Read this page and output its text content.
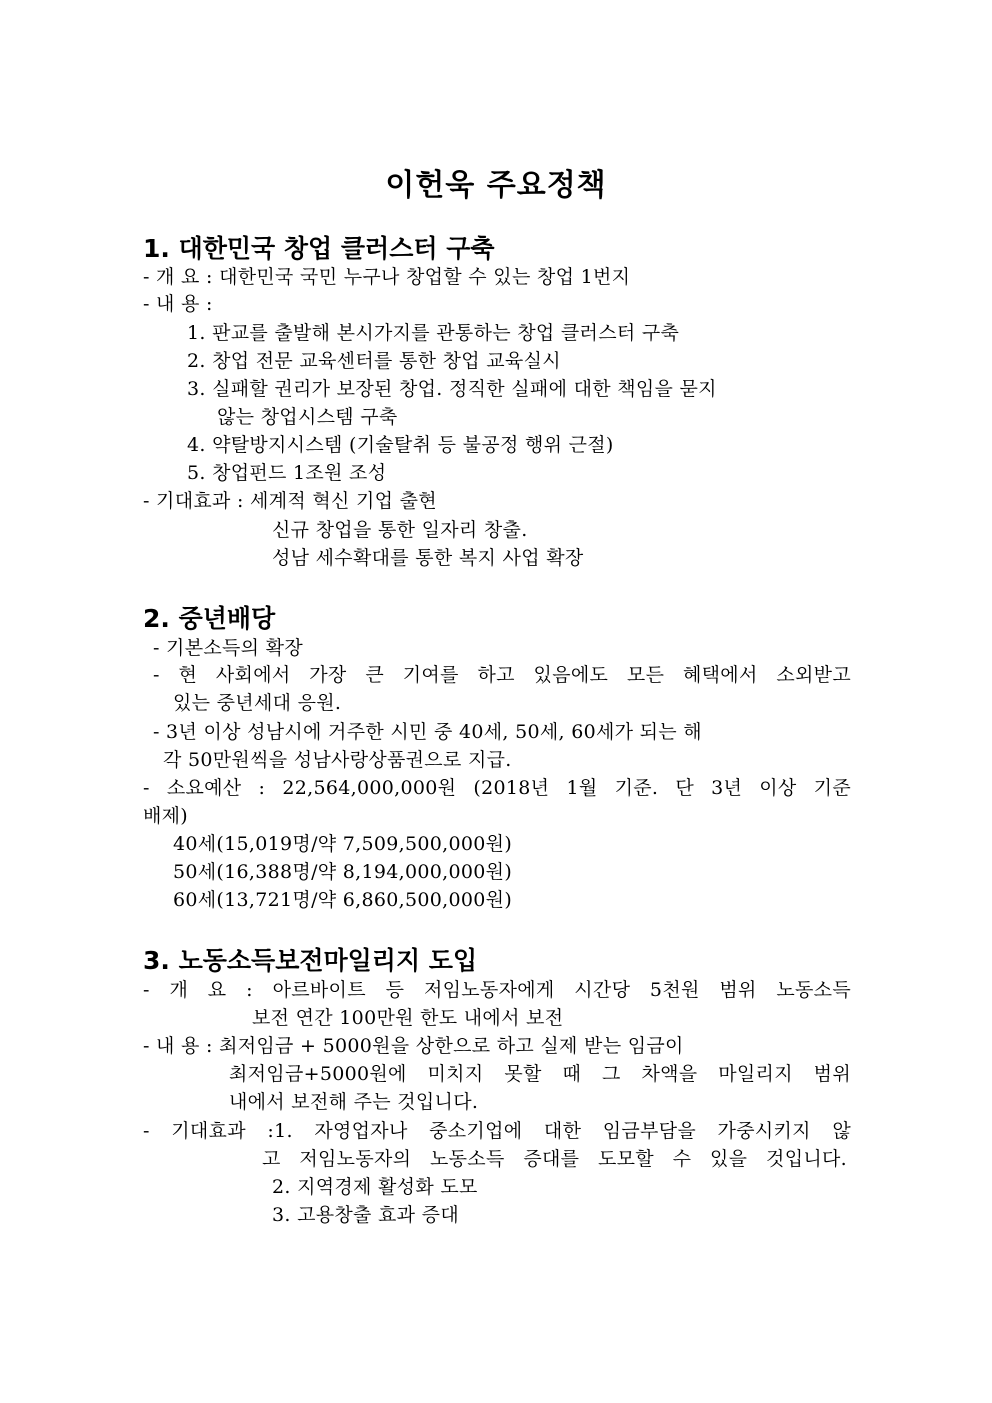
이헌욱 주요정책
1. 대한민국 창업 클러스터 구축
- 개 요 : 대한민국 국민 누구나 창업할 수 있는 창업 1번지
- 내 용 :
1. 판교를 출발해 본시가지를 관통하는 창업 클러스터 구축
2. 창업 전문 교육센터를 통한 창업 교육실시
3. 실패할 권리가 보장된 창업. 정직한 실패에 대한 책임을 묻지
않는 창업시스템 구축
4. 약탈방지시스템 (기술탈취 등 불공정 행위 근절)
5. 창업펀드 1조원 조성
- 기대효과 : 세계적 혁신 기업 출현
신규 창업을 통한 일자리 창출.
성남 세수확대를 통한 복지 사업 확장
2. 중년배당
- 기본소득의 확장
- 현 사회에서 가장 큰 기여를 하고 있음에도 모든 혜택에서 소외받고
있는 중년세대 응원.
- 3년 이상 성남시에 거주한 시민 중 40세, 50세, 60세가 되는 해
각 50만원씩을 성남사랑상품권으로 지급.
- 소요예산 : 22,564,000,000원 (2018년 1월 기준. 단 3년 이상 기준
배제)
40세(15,019명/약 7,509,500,000원)
50세(16,388명/약 8,194,000,000원)
60세(13,721명/약 6,860,500,000원)
3. 노동소득보전마일리지 도입
- 개 요 : 아르바이트 등 저임노동자에게 시간당 5천원 범위 노동소득
보전 연간 100만원 한도 내에서 보전
- 내 용 : 최저임금 + 5000원을 상한으로 하고 실제 받는 임금이
최저임금+5000원에 미치지 못할 때 그 차액을 마일리지 범위
내에서 보전해 주는 것입니다.
- 기대효과 :1. 자영업자나 중소기업에 대한 임금부담을 가중시키지 않
고 저임노동자의 노동소득 증대를 도모할 수 있을 것입니다.
2. 지역경제 활성화 도모
3. 고용창출 효과 증대
